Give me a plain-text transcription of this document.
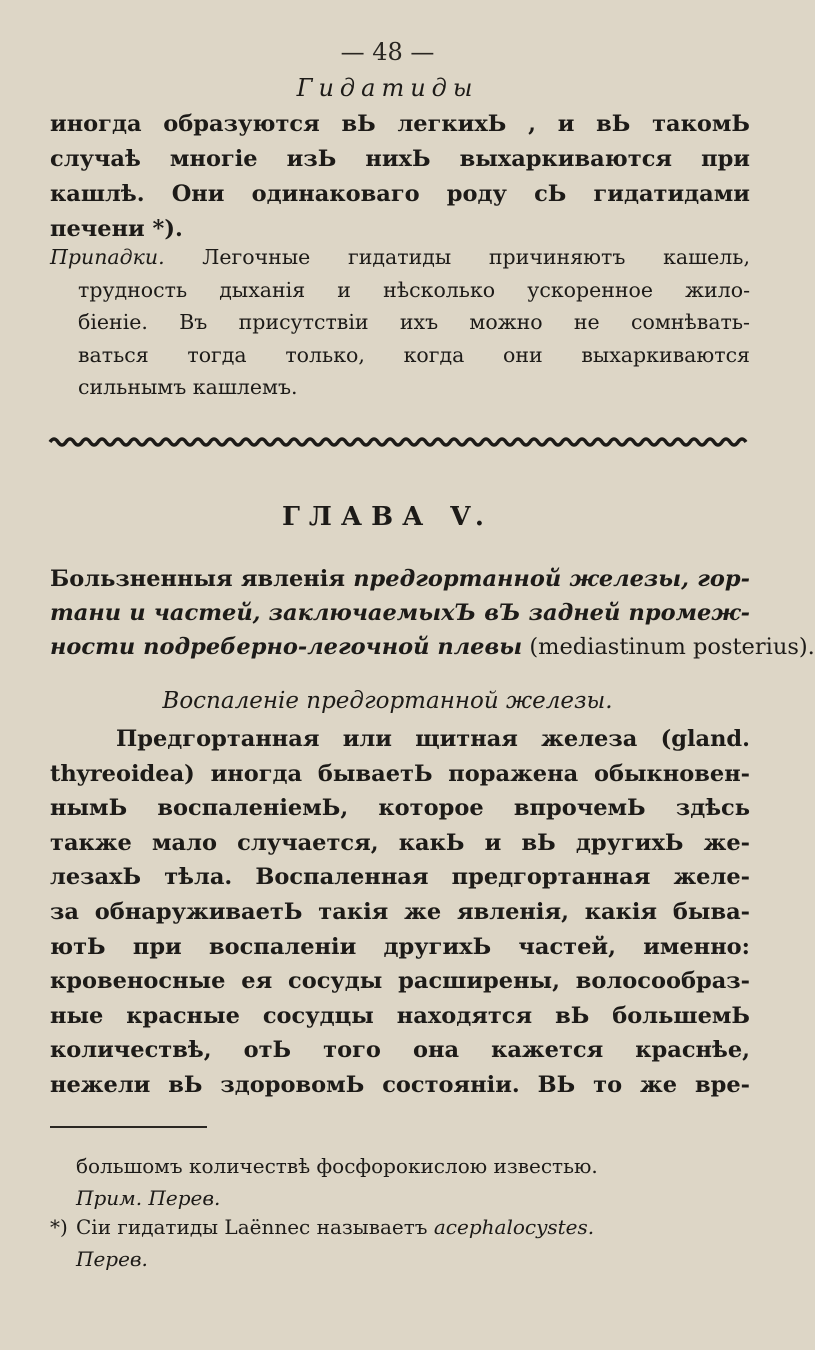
— 48 —
Гидатиды
иногда образуются вЬ легкихЬ , и вЬ такомЬ
случаѣ многіе изЬ нихЬ выхаркиваются при
кашлѣ. Они одинаковаго роду сЬ гидатидами
печени *).
Припадки. Легочные гидатиды причиняютъ кашель,
трудность дыханія и нѣсколько ускоренное жило-
біеніе. Въ присутствіи ихъ можно не сомнѣвать-
ваться тогда только, когда они выхаркиваются
сильнымъ кашлемъ.
ГЛАВА V.
Бользненныя явленія предгортанной железы, гор-
тани и частей, заключаемыхЪ вЪ задней промеж-
ности подреберно-легочной плевы (mediastinum posterius).
Воспаленіе предгортанной железы.
Предгортанная или щитная железа (gland.
thyreoidea) иногда бываетЬ поражена обыкновен-
нымЬ воспаленіемЬ, которое впрочемЬ здѣсь
также мало случается, какЬ и вЬ другихЬ же-
лезахЬ тѣла. Воспаленная предгортанная желе-
за обнаруживаетЬ такія же явленія, какія быва-
ютЬ при воспаленіи другихЬ частей, именно:
кровеносные ея сосуды расширены, волосообраз-
ные красные сосудцы находятся вЬ большемЬ
количествѣ, отЬ того она кажется краснѣе,
нежели вЬ здоровомЬ состояніи. ВЬ то же вре-
большомъ количествѣ фосфорокислою известью.
Прим. Перев.
*) Сіи гидатиды Laënnec называетъ acephalocystes.
Перев.
